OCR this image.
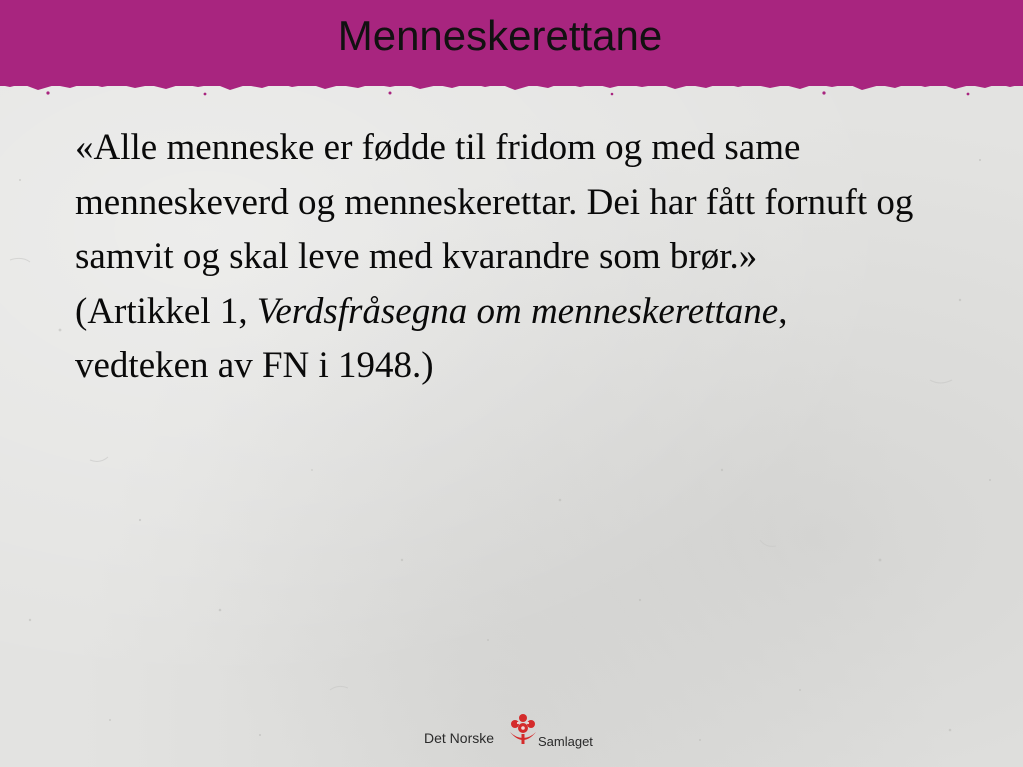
Menneskerettane

«Alle menneske er fødde til fridom og med same menneskeverd og menneskerettar. Dei har fått fornuft og samvit og skal leve med kvarandre som brør.»

(Artikkel 1, Verdsfråsegna om menneskerettane, vedteken av FN i 1948.)

Det Norske	Samlaget
